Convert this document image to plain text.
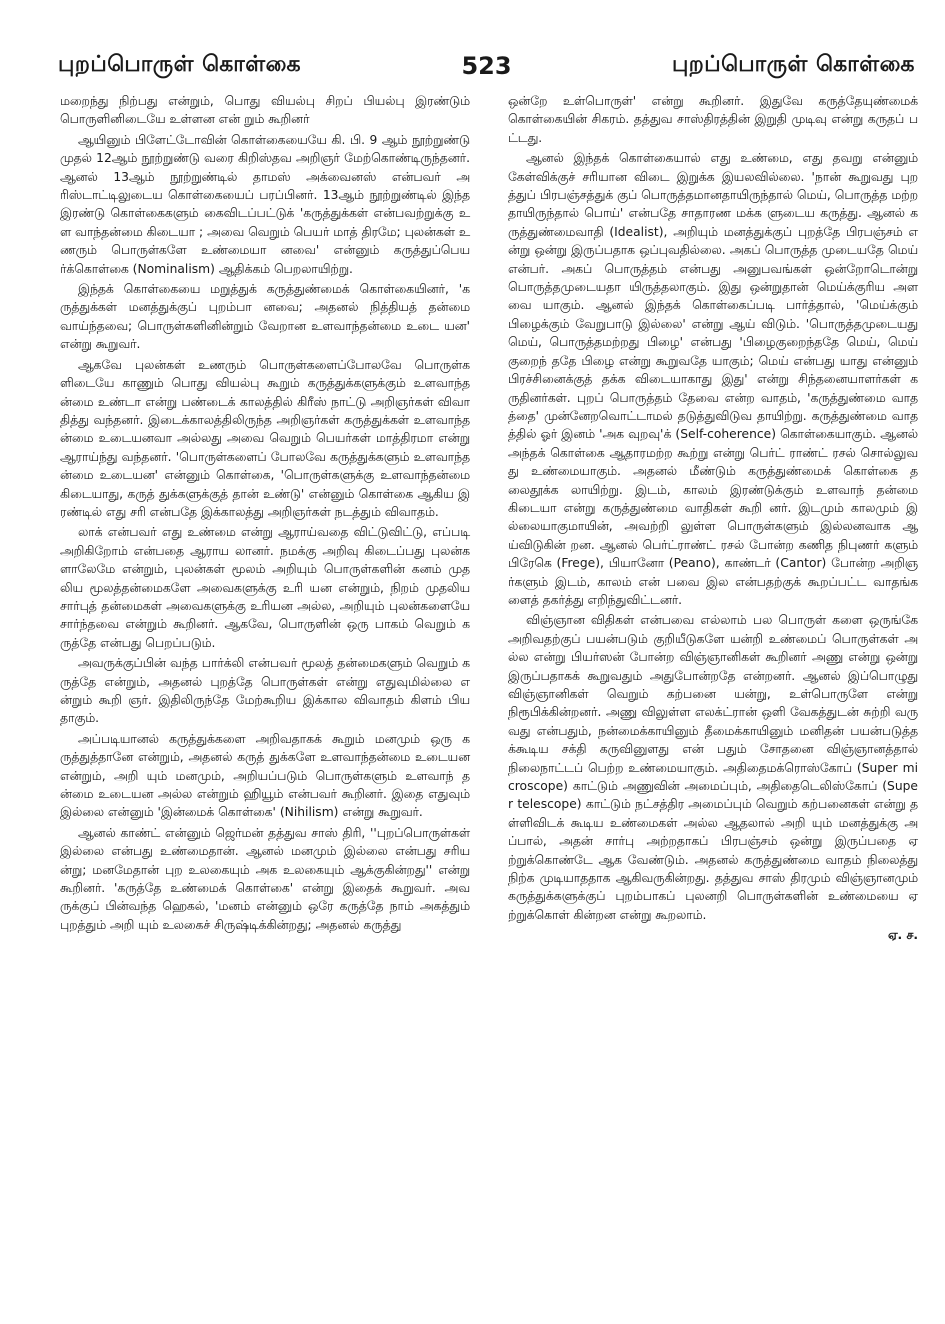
புறப்பொருள் கொள்கை	523	புறப்பொருள் கொள்கை

மறைந்து நிற்பது என்றும், பொது வியல்பு சிறப் பியல்பு இரண்டும் பொருளினிடையே உள்ளன என் றும் கூறினர்

ஆயினும் பிளேட்டோவின் கொள்கையையே கி. பி. 9 ஆம் நூற்றுண்டு முதல் 12ஆம் நூற்றுண்டு வரை கிறிஸ்தவ அறிஞர் மேற்கொண்டிருந்தனர். ஆனல் 13ஆம் நூற்றுண்டில் தாமஸ் அக்வைனஸ் என்பவர் அரிஸ்டாட்டிலுடைய கொள்கையைப் பரப்பினர். 13ஆம் நூற்றுண்டில் இந்த இரண்டு கொள்கைகளும் கைவிடப்பட்டுக் 'கருத்துக்கள் என்பவற்றுக்கு உள வாந்தன்மை கிடையா ; அவை வெறும் பெயர் மாத் திரமே; புலன்கள் உணரும் பொருள்களே உண்மையா னவை' என்னும் கருத்துப்பெயர்க்கொள்கை (Nominalism) ஆதிக்கம் பெறலாயிற்று.

இந்தக் கொள்கையை மறுத்துக் கருத்துண்மைக் கொள்கையினர், 'கருத்துக்கள் மனத்துக்குப் புறம்பா னவை; அதனல் நித்தியத் தன்மை வாய்ந்தவை; பொருள்களினின்றும் வேறான உளவாந்தன்மை உடை யன' என்று கூறுவர்.

ஆகவே புலன்கள் உணரும் பொருள்களைப்போலவே பொருள்களிடையே காணும் பொது வியல்பு கூறும் கருத்துக்களுக்கும் உளவாந்தன்மை உண்டா என்று பண்டைக் காலத்தில் கிரீஸ் நாட்டு அறிஞர்கள் விவா தித்து வந்தனர். இடைக்காலத்திலிருந்த அறிஞர்கள் கருத்துக்கள் உளவாந்தன்மை உடையனவா அல்லது அவை வெறும் பெயர்கள் மாத்திரமா என்று ஆராய்ந்து வந்தனர். 'பொருள்களைப் போலவே கருத்துக்களும் உளவாந்தன்மை உடையன' என்னும் கொள்கை, 'பொருள்களுக்கு உளவாந்தன்மை கிடையாது, கருத் துக்களுக்குத் தான் உண்டு' என்னும் கொள்கை ஆகிய இரண்டில் எது சரி என்பதே இக்காலத்து அறிஞர்கள் நடத்தும் விவாதம்.

லாக் என்பவர் எது உண்மை என்று ஆராய்வதை விட்டுவிட்டு, எப்படி அறிகிறோம் என்பதை ஆராய லானர். நமக்கு அறிவு கிடைப்பது புலன்களாலேமே என்றும், புலன்கள் மூலம் அறியும் பொருள்களின் கனம் முதலிய மூலத்தன்மைகளே அவைகளுக்கு உரி யன என்றும், நிறம் முதலிய சார்புத் தன்மைகள் அவைகளுக்கு உரியன அல்ல, அறியும் புலன்களையே சார்ந்தவை என்றும் கூறினர். ஆகவே, பொருளின் ஒரு பாகம் வெறும் கருத்தே என்பது பெறப்படும்.

அவருக்குப்பின் வந்த பார்க்லி என்பவர் மூலத் தன்மைகளும் வெறும் கருத்தே என்றும், அதனல் புறத்தே பொருள்கள் என்று எதுவுமில்லை என்றும் கூறி ஞர். இதிலிருந்தே மேற்கூறிய இக்கால விவாதம் கிளம் பியதாகும்.

அப்படியானல் கருத்துக்களை அறிவதாகக் கூறும் மனமும் ஒரு கருத்துத்தானே என்றும், அதனல் கருத் துக்களே உளவாந்தன்மை உடையன என்றும், அறி யும் மனமும், அறியப்படும் பொருள்களும் உளவாந் தன்மை உடையன அல்ல என்றும் ஹியூம் என்பவர் கூறினர். இதை எதுவும் இல்லை என்னும் 'இன்மைக் கொள்கை' (Nihilism) என்று கூறுவர்.

ஆனல் காண்ட் என்னும் ஜெர்மன் தத்துவ சாஸ் திரி, ''புறப்பொருள்கள் இல்லை என்பது உண்மைதான். ஆனல் மனமும் இல்லை என்பது சரியன்று; மனமேதான் புற உலகையும் அக உலகையும் ஆக்குகின்றது'' என்று கூறினர். 'கருத்தே உண்மைக் கொள்கை' என்று இதைக் கூறுவர். அவருக்குப் பின்வந்த ஹெகல், 'மனம் என்னும் ஒரே கருத்தே நாம் அகத்தும் புறத்தும் அறி யும் உலகைச் சிருஷ்டிக்கின்றது; அதனல் கருத்து

ஒன்றே உள்பொருள்' என்று கூறினர். இதுவே கருத்தேயுண்மைக் கொள்கையின் சிகரம். தத்துவ சாஸ்திரத்தின் இறுதி முடிவு என்று கருதப் பட்டது.

ஆனல் இந்தக் கொள்கையால் எது உண்மை, எது தவறு என்னும் கேள்விக்குச் சரியான விடை இறுக்க இயலவில்லை. 'நான் கூறுவது புறத்துப் பிரபஞ்சத்துக் குப் பொருத்தமானதாயிருந்தால் மெய், பொருத்த மற்றதாயிருந்தால் பொய்' என்பதே சாதாரண மக்க ளுடைய கருத்து. ஆனல் கருத்துண்மைவாதி (Idealist), அறியும் மனத்துக்குப் புறத்தே பிரபஞ்சம் என்று ஒன்று இருப்பதாக ஒப்புவதில்லை. அகப் பொருத்த முடையதே மெய் என்பர். அகப் பொருத்தம் என்பது அனுபவங்கள் ஒன்றோடொன்று பொருத்தமுடையதா யிருத்தலாகும். இது ஒன்றுதான் மெய்க்குரிய அளவை யாகும். ஆனல் இந்தக் கொள்கைப்படி பார்த்தால், 'மெய்க்கும் பிழைக்கும் வேறுபாடு இல்லை' என்று ஆய் விடும். 'பொருத்தமுடையது மெய், பொருத்தமற்றது பிழை' என்பது 'பிழைகுறைந்ததே மெய், மெய் குறைந் ததே பிழை என்று கூறுவதே யாகும்; மெய் என்பது யாது என்னும் பிரச்சினைக்குத் தக்க விடையாகாது இது' என்று சிந்தனையாளர்கள் கருதினர்கள். புறப் பொருத்தம் தேவை என்ற வாதம், 'கருத்துண்மை வாதத்தை' முன்னேறவொட்டாமல் தடுத்துவிடுவ தாயிற்று. கருத்துண்மை வாதத்தில் ஓர் இனம் 'அக வுறவு'க் (Self-coherence) கொள்கையாகும். ஆனல் அந்தக் கொள்கை ஆதாரமற்ற கூற்று என்று பெர்ட் ராண்ட் ரசல் சொல்லுவது உண்மையாகும். அதனல் மீண்டும் கருத்துண்மைக் கொள்கை தலைதூக்க லாயிற்று. இடம், காலம் இரண்டுக்கும் உளவாந் தன்மை கிடையா என்று கருத்துண்மை வாதிகள் கூறி னர். இடமும் காலமும் இல்லையாகுமாயின், அவற்றி லுள்ள பொருள்களும் இல்லனவாக ஆய்விடுகின் றன. ஆனல் பெர்ட்ராண்ட் ரசல் போன்ற கணித நிபுணர் களும் பிரேகெ (Frege), பியானோ (Peano), காண்டர் (Cantor) போன்ற அறிஞர்களும் இடம், காலம் என் பவை இல என்பதற்குக் கூறப்பட்ட வாதங்களைத் தகர்த்து எறிந்துவிட்டனர்.

விஞ்ஞான விதிகள் என்பவை எல்லாம் பல பொருள் களை ஒருங்கே அறிவதற்குப் பயன்படும் குறியீடுகளே யன்றி உண்மைப் பொருள்கள் அல்ல என்று பியர்ஸன் போன்ற விஞ்ஞானிகள் கூறினர் அணு என்று ஒன்று இருப்பதாகக் கூறுவதும் அதுபோன்றதே என்றனர். ஆனல் இப்பொழுது விஞ்ஞானிகள் வெறும் கற்பனை யன்று, உள்பொருளே என்று நிரூபிக்கின்றனர். அணு விலுள்ள எலக்ட்ரான் ஒளி வேகத்துடன் சுற்றி வரு வது என்பதும், நன்மைக்காயினும் தீமைக்காயினும் மனிதன் பயன்படுத்தக்கூடிய சக்தி கருவினுளது என் பதும் சோதனை விஞ்ஞானத்தால் நிலைநாட்டப் பெற்ற உண்மையாகும். அதிதைமக்ரொஸ்கோப் (Super microscope) காட்டும் அணுவின் அமைப்பும், அதிதைடெலிஸ்கோப் (Super telescope) காட்டும் நட்சத்திர அமைப்பும் வெறும் கற்பனைகள் என்று தள்ளிவிடக் கூடிய உண்மைகள் அல்ல ஆதலால் அறி யும் மனத்துக்கு அப்பால், அதன் சார்பு அற்றதாகப் பிரபஞ்சம் ஒன்று இருப்பதை ஏற்றுக்கொண்டே ஆக வேண்டும். அதனல் கருத்துண்மை வாதம் நிலைத்து நிற்க முடியாததாக ஆகிவருகின்றது. தத்துவ சாஸ் திரமும் விஞ்ஞானமும் கருத்துக்களுக்குப் புறம்பாகப் புலனறி பொருள்களின் உண்மையை ஏற்றுக்கொள் கின்றன என்று கூறலாம்.

ஏ. ச.
